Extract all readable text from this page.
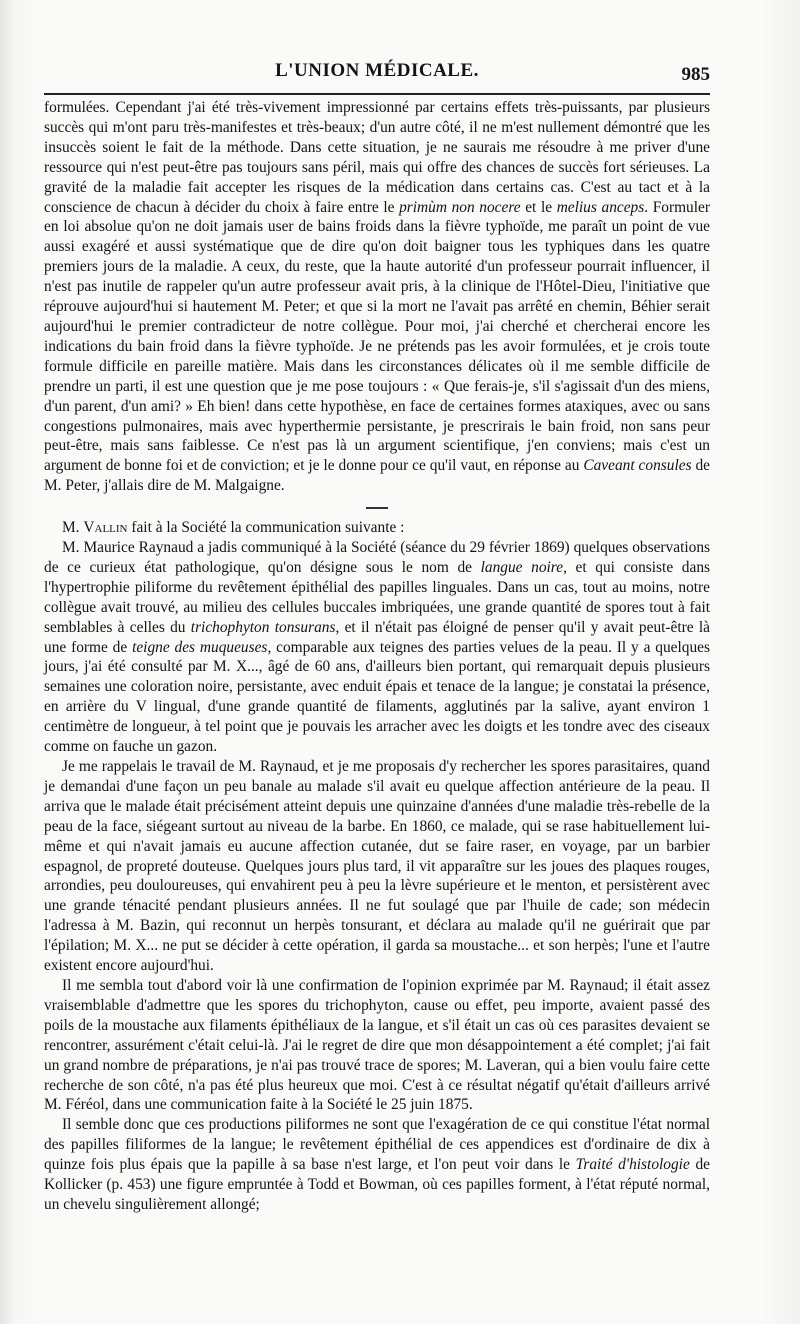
L'UNION MÉDICALE.	985

formulées. Cependant j'ai été très-vivement impressionné par certains effets très-puissants, par plusieurs succès qui m'ont paru très-manifestes et très-beaux; d'un autre côté, il ne m'est nullement démontré que les insuccès soient le fait de la méthode. Dans cette situation, je ne saurais me résoudre à me priver d'une ressource qui n'est peut-être pas toujours sans péril, mais qui offre des chances de succès fort sérieuses. La gravité de la maladie fait accepter les risques de la médication dans certains cas. C'est au tact et à la conscience de chacun à décider du choix à faire entre le primùm non nocere et le melius anceps. Formuler en loi absolue qu'on ne doit jamais user de bains froids dans la fièvre typhoïde, me paraît un point de vue aussi exagéré et aussi systématique que de dire qu'on doit baigner tous les typhiques dans les quatre premiers jours de la maladie. A ceux, du reste, que la haute autorité d'un professeur pourrait influencer, il n'est pas inutile de rappeler qu'un autre professeur avait pris, à la clinique de l'Hôtel-Dieu, l'initiative que réprouve aujourd'hui si hautement M. Peter; et que si la mort ne l'avait pas arrêté en chemin, Béhier serait aujourd'hui le premier contradicteur de notre collègue. Pour moi, j'ai cherché et chercherai encore les indications du bain froid dans la fièvre typhoïde. Je ne prétends pas les avoir formulées, et je crois toute formule difficile en pareille matière. Mais dans les circonstances délicates où il me semble difficile de prendre un parti, il est une question que je me pose toujours : « Que ferais-je, s'il s'agissait d'un des miens, d'un parent, d'un ami? » Eh bien! dans cette hypothèse, en face de certaines formes ataxiques, avec ou sans congestions pulmonaires, mais avec hyperthermie persistante, je prescrirais le bain froid, non sans peur peut-être, mais sans faiblesse. Ce n'est pas là un argument scientifique, j'en conviens; mais c'est un argument de bonne foi et de conviction; et je le donne pour ce qu'il vaut, en réponse au Caveant consules de M. Peter, j'allais dire de M. Malgaigne.

M. Vallin fait à la Société la communication suivante :

M. Maurice Raynaud a jadis communiqué à la Société (séance du 29 février 1869) quelques observations de ce curieux état pathologique, qu'on désigne sous le nom de langue noire, et qui consiste dans l'hypertrophie piliforme du revêtement épithélial des papilles linguales. Dans un cas, tout au moins, notre collègue avait trouvé, au milieu des cellules buccales imbriquées, une grande quantité de spores tout à fait semblables à celles du trichophyton tonsurans, et il n'était pas éloigné de penser qu'il y avait peut-être là une forme de teigne des muqueuses, comparable aux teignes des parties velues de la peau. Il y a quelques jours, j'ai été consulté par M. X..., âgé de 60 ans, d'ailleurs bien portant, qui remarquait depuis plusieurs semaines une coloration noire, persistante, avec enduit épais et tenace de la langue; je constatai la présence, en arrière du V lingual, d'une grande quantité de filaments, agglutinés par la salive, ayant environ 1 centimètre de longueur, à tel point que je pouvais les arracher avec les doigts et les tondre avec des ciseaux comme on fauche un gazon.

Je me rappelais le travail de M. Raynaud, et je me proposais d'y rechercher les spores parasitaires, quand je demandai d'une façon un peu banale au malade s'il avait eu quelque affection antérieure de la peau. Il arriva que le malade était précisément atteint depuis une quinzaine d'années d'une maladie très-rebelle de la peau de la face, siégeant surtout au niveau de la barbe. En 1860, ce malade, qui se rase habituellement lui-même et qui n'avait jamais eu aucune affection cutanée, dut se faire raser, en voyage, par un barbier espagnol, de propreté douteuse. Quelques jours plus tard, il vit apparaître sur les joues des plaques rouges, arrondies, peu douloureuses, qui envahirent peu à peu la lèvre supérieure et le menton, et persistèrent avec une grande ténacité pendant plusieurs années. Il ne fut soulagé que par l'huile de cade; son médecin l'adressa à M. Bazin, qui reconnut un herpès tonsurant, et déclara au malade qu'il ne guérirait que par l'épilation; M. X... ne put se décider à cette opération, il garda sa moustache... et son herpès; l'une et l'autre existent encore aujourd'hui.

Il me sembla tout d'abord voir là une confirmation de l'opinion exprimée par M. Raynaud; il était assez vraisemblable d'admettre que les spores du trichophyton, cause ou effet, peu importe, avaient passé des poils de la moustache aux filaments épithéliaux de la langue, et s'il était un cas où ces parasites devaient se rencontrer, assurément c'était celui-là. J'ai le regret de dire que mon désappointement a été complet; j'ai fait un grand nombre de préparations, je n'ai pas trouvé trace de spores; M. Laveran, qui a bien voulu faire cette recherche de son côté, n'a pas été plus heureux que moi. C'est à ce résultat négatif qu'était d'ailleurs arrivé M. Féréol, dans une communication faite à la Société le 25 juin 1875.

Il semble donc que ces productions piliformes ne sont que l'exagération de ce qui constitue l'état normal des papilles filiformes de la langue; le revêtement épithélial de ces appendices est d'ordinaire de dix à quinze fois plus épais que la papille à sa base n'est large, et l'on peut voir dans le Traité d'histologie de Kollicker (p. 453) une figure empruntée à Todd et Bowman, où ces papilles forment, à l'état réputé normal, un chevelu singulièrement allongé;
